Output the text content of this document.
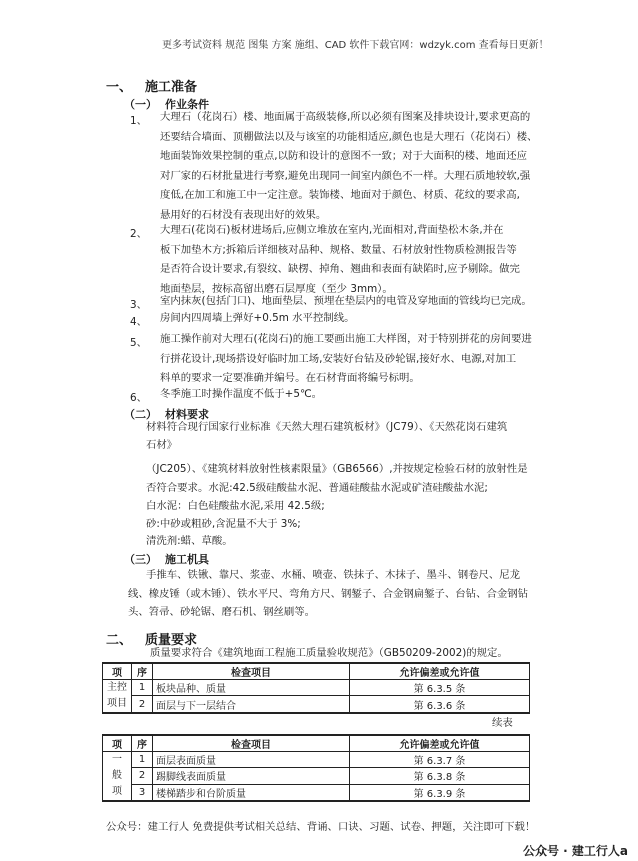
更多考试资料 规范 图集 方案 施组、CAD 软件下载官网：wdzyk.com 查看每日更新！
一、 施工准备
（一） 作业条件
1、 大理石（花岗石）楼、地面属于高级装修,所以必须有图案及排块设计,要求更高的
还要结合墙面、顶棚做法以及与该室的功能相适应,颜色也是大理石（花岗石）楼、
地面装饰效果控制的重点,以防和设计的意图不一致；对于大面积的楼、地面还应
对厂家的石材批量进行考察,避免出现同一间室内颜色不一样。大理石质地较软,强
度低,在加工和施工中一定注意。装饰楼、地面对于颜色、材质、花纹的要求高,
悬用好的石材没有表现出好的效果。
2、 大理石(花岗石)板材进场后,应侧立堆放在室内,光面相对,背面垫松木条,并在
板下加垫木方;拆箱后详细核对品种、规格、数量、石材放射性物质检测报告等
是否符合设计要求,有裂纹、缺楞、掉角、翘曲和表面有缺陷时,应予剔除。做完
地面垫层，按标高留出磨石层厚度（至少 3mm）。
3、 室内抹灰(包括门口)、地面垫层、预埋在垫层内的电管及穿地面的管线均已完成。
4、 房间内四周墙上弹好+0.5m 水平控制线。
5、 施工操作前对大理石(花岗石)的施工要画出施工大样图，对于特别拼花的房间要进
行拼花设计,现场搭设好临时加工场,安装好台钻及砂轮锯,接好水、电源,对加工
料单的要求一定要准确并编号。在石材背面将编号标明。
6、 冬季施工时操作温度不低于+5℃。
（二） 材料要求
材料符合现行国家行业标准《天然大理石建筑板材》（JC79）、《天然花岗石建筑
石材》
（JC205）、《建筑材料放射性核素限量》（GB6566）,并按规定检验石材的放射性是
否符合要求。水泥:42.5级硅酸盐水泥、普通硅酸盐水泥或矿渣硅酸盐水泥;
白水泥：白色硅酸盐水泥,采用 42.5级;
砂:中砂或粗砂,含泥量不大于 3%;
清洗剂:蜡、草酸。
（三） 施工机具
手推车、铁锹、靠尺、浆壶、水桶、喷壶、铁抹子、木抹子、墨斗、钢卷尺、尼龙
线、橡皮锤（或木锤）、铁水平尺、弯角方尺、钢錾子、合金钢扁錾子、台钻、合金钢钻
头、笤帚、砂轮锯、磨石机、钢丝刷等。
二、 质量要求
质量要求符合《建筑地面工程施工质量验收规范》（GB50209-2002)的规定。
项	序	检查项目	允许偏差或允许值

主控
项目	1	板块品种、质量	第 6.3.5 条
	2	面层与下一层结合	第 6.3.6 条
续表
项	序	检查项目	允许偏差或允许值

一
般
项	1	面层表面质量	第 6.3.7 条
	2	踢脚线表面质量	第 6.3.8 条
	3	楼梯踏步和台阶质量	第 6.3.9 条
公众号：建工行人 免费提供考试相关总结、背诵、口诀、习题、试卷、押题，关注即可下载！
公众号 · 建工行人a
